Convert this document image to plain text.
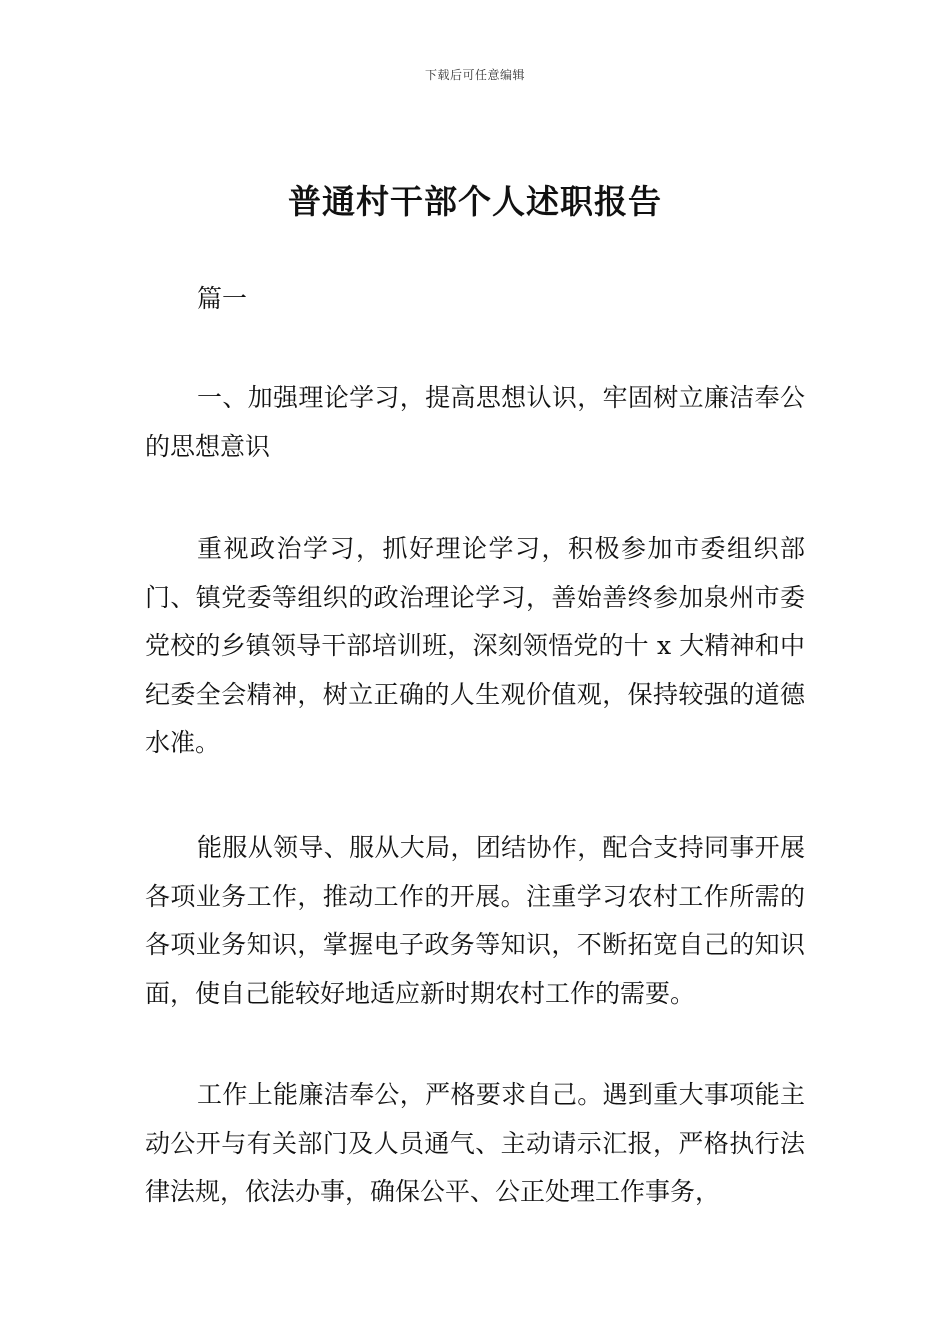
下载后可任意编辑
普通村干部个人述职报告

篇一

一、加强理论学习，提高思想认识，牢固树立廉洁奉公的思想意识

重视政治学习，抓好理论学习，积极参加市委组织部门、镇党委等组织的政治理论学习，善始善终参加泉州市委党校的乡镇领导干部培训班，深刻领悟党的十 x 大精神和中纪委全会精神，树立正确的人生观价值观，保持较强的道德水准。

能服从领导、服从大局，团结协作，配合支持同事开展各项业务工作，推动工作的开展。注重学习农村工作所需的各项业务知识，掌握电子政务等知识，不断拓宽自己的知识面，使自己能较好地适应新时期农村工作的需要。

工作上能廉洁奉公，严格要求自己。遇到重大事项能主动公开与有关部门及人员通气、主动请示汇报，严格执行法律法规，依法办事，确保公平、公正处理工作事务，
